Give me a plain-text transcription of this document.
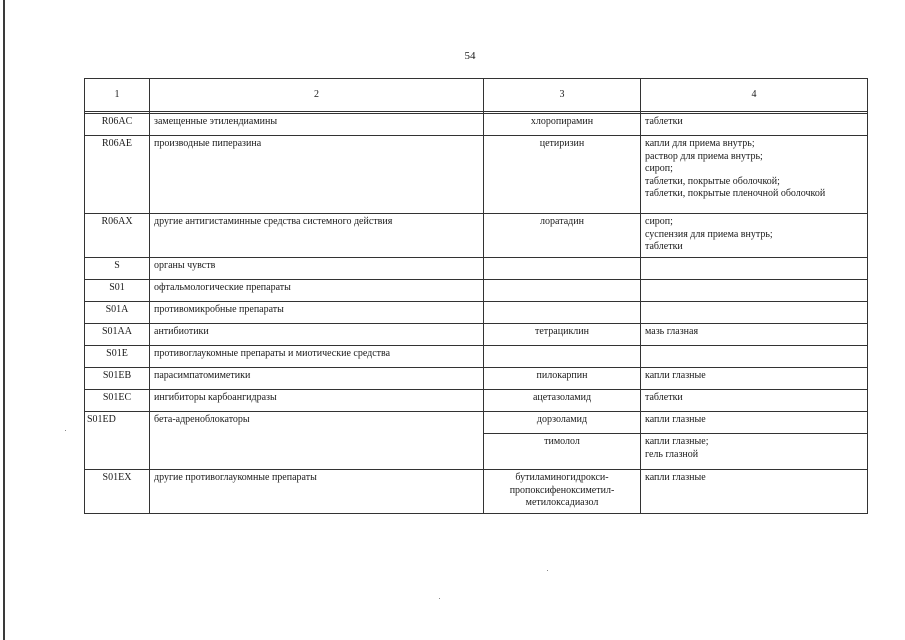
54
1	2	3	4

R06AC	замещенные этилендиамины	хлоропирамин	таблетки

R06AE	производные пиперазина	цетиризин	капли для приема внутрь;
раствор для приема внутрь;
сироп;
таблетки, покрытые оболочкой;
таблетки, покрытые пленочной оболочкой

R06AX	другие антигистаминные средства системного действия	лоратадин	сироп;
суспензия для приема внутрь;
таблетки

S	органы чувств		
S01	офтальмологические препараты		
S01A	противомикробные препараты		
S01AA	антибиотики	тетрациклин	мазь глазная

S01E	противоглаукомные препараты и миотические средства		
S01EB	парасимпатомиметики	пилокарпин	капли глазные

S01EC	ингибиторы карбоангидразы	ацетазоламид	таблетки

S01ED	бета-адреноблокаторы	дорзоламид	капли глазные

		тимолол	капли глазные;
гель глазной

S01EX	другие противоглаукомные препараты	бутиламиногидрокси-
пропоксифеноксиметил-
метилоксадиазол	капли глазные
